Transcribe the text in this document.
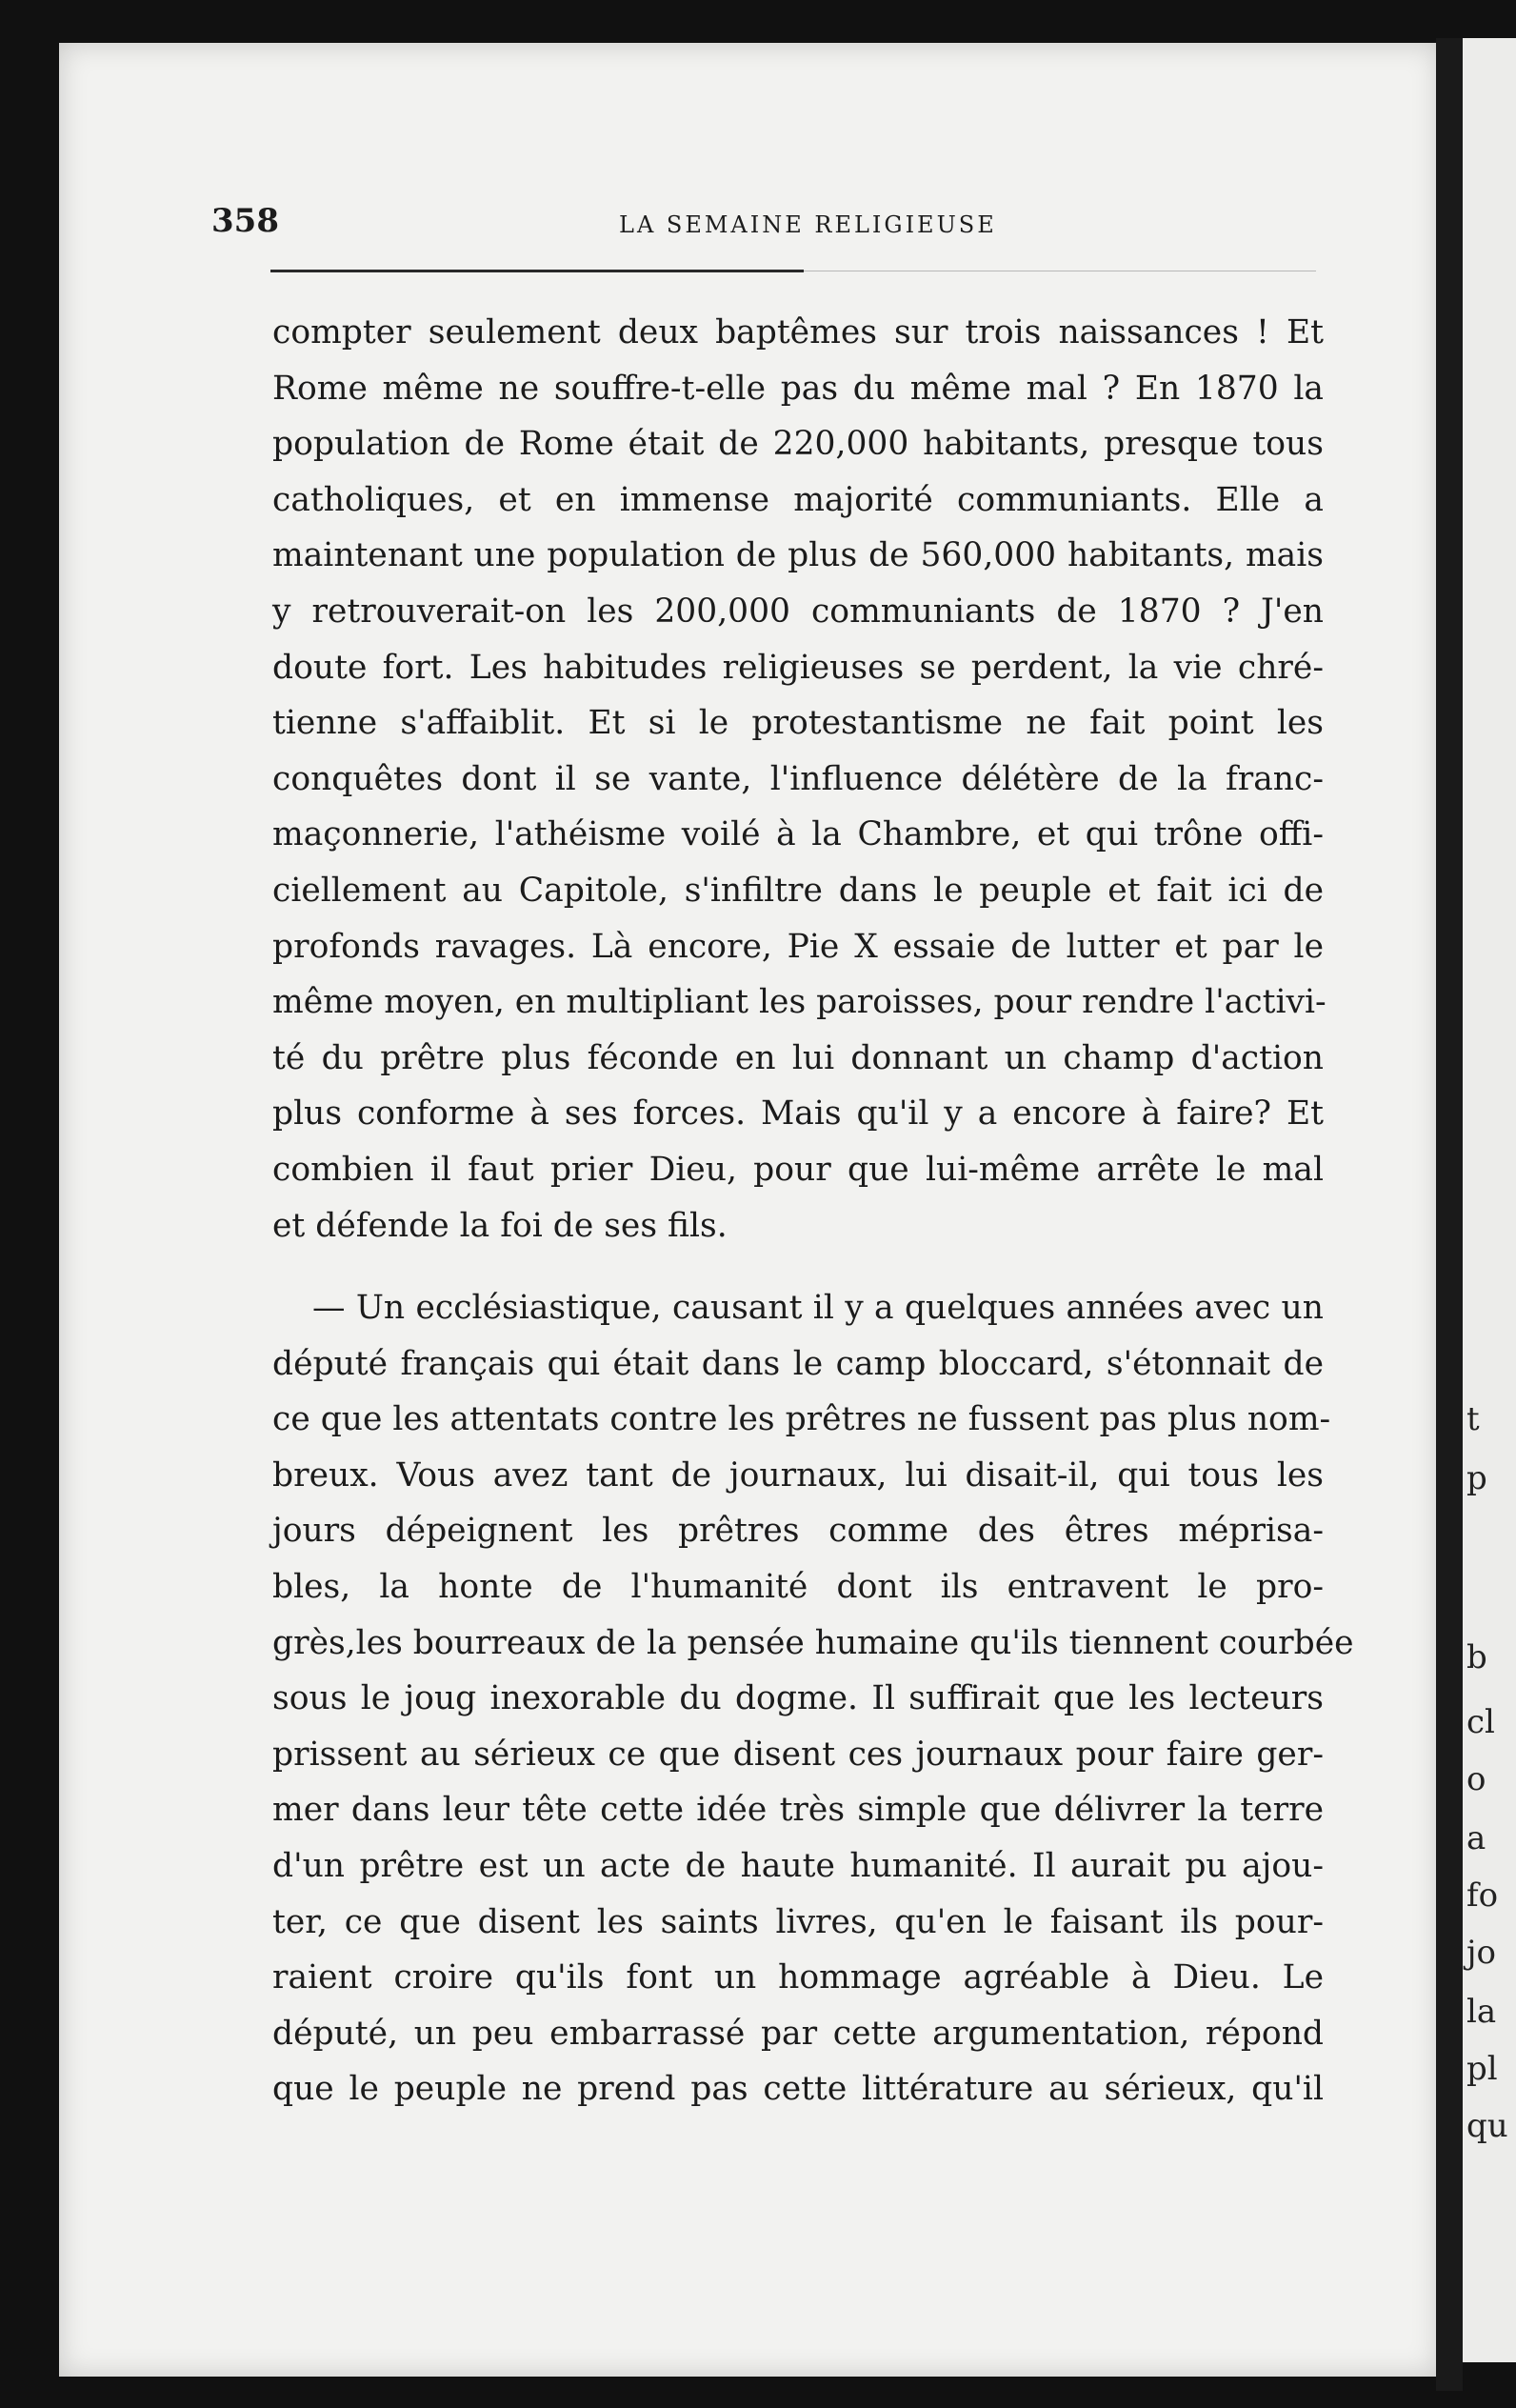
t
p
b
cl
o
a
fo
jo
la
pl
qu
358	LA SEMAINE RELIGIEUSE
compter seulement deux baptêmes sur trois naissances ! Et
Rome même ne souffre-t-elle pas du même mal ? En 1870 la
population de Rome était de 220,000 habitants, presque tous
catholiques, et en immense majorité communiants. Elle a
maintenant une population de plus de 560,000 habitants, mais
y retrouverait-on les 200,000 communiants de 1870 ? J'en
doute fort. Les habitudes religieuses se perdent, la vie chré-
tienne s'affaiblit. Et si le protestantisme ne fait point les
conquêtes dont il se vante, l'influence délétère de la franc-
maçonnerie, l'athéisme voilé à la Chambre, et qui trône offi-
ciellement au Capitole, s'infiltre dans le peuple et fait ici de
profonds ravages. Là encore, Pie X essaie de lutter et par le
même moyen, en multipliant les paroisses, pour rendre l'activi-
té du prêtre plus féconde en lui donnant un champ d'action
plus conforme à ses forces. Mais qu'il y a encore à faire? Et
combien il faut prier Dieu, pour que lui-même arrête le mal
et défende la foi de ses fils.
— Un ecclésiastique, causant il y a quelques années avec un
député français qui était dans le camp bloccard, s'étonnait de
ce que les attentats contre les prêtres ne fussent pas plus nom-
breux. Vous avez tant de journaux, lui disait-il, qui tous les
jours dépeignent les prêtres comme des êtres méprisa-
bles, la honte de l'humanité dont ils entravent le pro-
grès,les bourreaux de la pensée humaine qu'ils tiennent courbée
sous le joug inexorable du dogme. Il suffirait que les lecteurs
prissent au sérieux ce que disent ces journaux pour faire ger-
mer dans leur tête cette idée très simple que délivrer la terre
d'un prêtre est un acte de haute humanité. Il aurait pu ajou-
ter, ce que disent les saints livres, qu'en le faisant ils pour-
raient croire qu'ils font un hommage agréable à Dieu. Le
député, un peu embarrassé par cette argumentation, répond
que le peuple ne prend pas cette littérature au sérieux, qu'il
